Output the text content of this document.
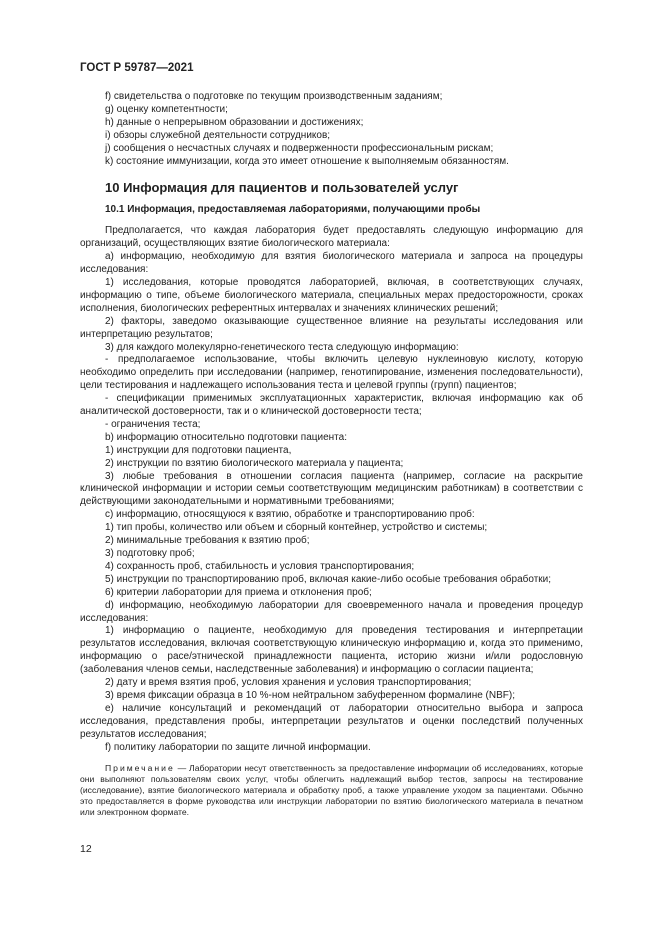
ГОСТ Р 59787—2021

f) свидетельства о подготовке по текущим производственным заданиям;

g) оценку компетентности;

h) данные о непрерывном образовании и достижениях;

i) обзоры служебной деятельности сотрудников;

j) сообщения о несчастных случаях и подверженности профессиональным рискам;

k) состояние иммунизации, когда это имеет отношение к выполняемым обязанностям.

10 Информация для пациентов и пользователей услуг

10.1 Информация, предоставляемая лабораториями, получающими пробы

Предполагается, что каждая лаборатория будет предоставлять следующую информацию для организаций, осуществляющих взятие биологического материала:

a) информацию, необходимую для взятия биологического материала и запроса на процедуры исследования:

1) исследования, которые проводятся лабораторией, включая, в соответствующих случаях, информацию о типе, объеме биологического материала, специальных мерах предосторожности, сроках исполнения, биологических референтных интервалах и значениях клинических решений;

2) факторы, заведомо оказывающие существенное влияние на результаты исследования или интерпретацию результатов;

3) для каждого молекулярно-генетического теста следующую информацию:

- предполагаемое использование, чтобы включить целевую нуклеиновую кислоту, которую необходимо определить при исследовании (например, генотипирование, изменения последовательности), цели тестирования и надлежащего использования теста и целевой группы (групп) пациентов;

- спецификации применимых эксплуатационных характеристик, включая информацию как об аналитической достоверности, так и о клинической достоверности теста;

- ограничения теста;

b) информацию относительно подготовки пациента:

1) инструкции для подготовки пациента,

2) инструкции по взятию биологического материала у пациента;

3) любые требования в отношении согласия пациента (например, согласие на раскрытие клинической информации и истории семьи соответствующим медицинским работникам) в соответствии с действующими законодательными и нормативными требованиями;

c) информацию, относящуюся к взятию, обработке и транспортированию проб:

1) тип пробы, количество или объем и сборный контейнер, устройство и системы;

2) минимальные требования к взятию проб;

3) подготовку проб;

4) сохранность проб, стабильность и условия транспортирования;

5) инструкции по транспортированию проб, включая какие-либо особые требования обработки;

6) критерии лаборатории для приема и отклонения проб;

d) информацию, необходимую лаборатории для своевременного начала и проведения процедур исследования:

1) информацию о пациенте, необходимую для проведения тестирования и интерпретации результатов исследования, включая соответствующую клиническую информацию и, когда это применимо, информацию о расе/этнической принадлежности пациента, историю жизни и/или родословную (заболевания членов семьи, наследственные заболевания) и информацию о согласии пациента;

2) дату и время взятия проб, условия хранения и условия транспортирования;

3) время фиксации образца в 10 %-ном нейтральном забуференном формалине (NBF);

e) наличие консультаций и рекомендаций от лаборатории относительно выбора и запроса исследования, представления пробы, интерпретации результатов и оценки последствий полученных результатов исследования;

f) политику лаборатории по защите личной информации.

Примечание — Лаборатории несут ответственность за предоставление информации об исследованиях, которые они выполняют пользователям своих услуг, чтобы облегчить надлежащий выбор тестов, запросы на тестирование (исследование), взятие биологического материала и обработку проб, а также управление уходом за пациентами. Обычно это предоставляется в форме руководства или инструкции лаборатории по взятию биологического материала в печатном или электронном формате.

12
